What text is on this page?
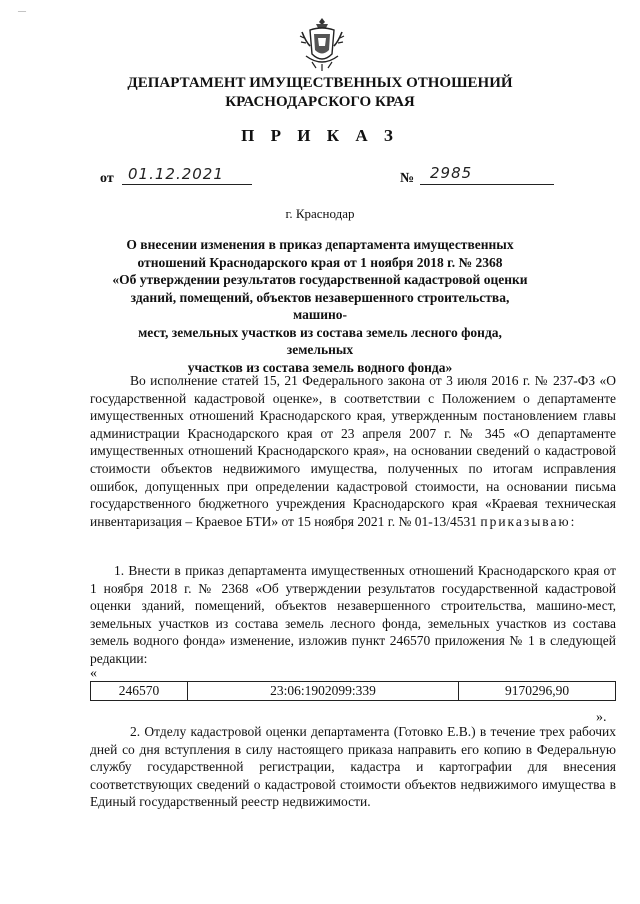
—
ДЕПАРТАМЕНТ ИМУЩЕСТВЕННЫХ ОТНОШЕНИЙ
КРАСНОДАРСКОГО КРАЯ
П Р И К А З
от 01.12.2021	№ 2985
г. Краснодар
О внесении изменения в приказ департамента имущественных
отношений Краснодарского края от 1 ноября 2018 г. № 2368
«Об утверждении результатов государственной кадастровой оценки
зданий, помещений, объектов незавершенного строительства, машино-
мест, земельных участков из состава земель лесного фонда, земельных
участков из состава земель водного фонда»
Во исполнение статей 15, 21 Федерального закона от 3 июля 2016 г. № 237-ФЗ «О государственной кадастровой оценке», в соответствии с Положением о департаменте имущественных отношений Краснодарского края, утвержденным постановлением главы администрации Краснодарского края от 23 апреля 2007 г. № 345 «О департаменте имущественных отношений Краснодарского края», на основании сведений о кадастровой стоимости объектов недвижимого имущества, полученных по итогам исправления ошибок, допущенных при определении кадастровой стоимости, на основании письма государственного бюджетного учреждения Краснодарского края «Краевая техническая инвентаризация – Краевое БТИ» от 15 ноября 2021 г. № 01-13/4531 приказываю:
1. Внести в приказ департамента имущественных отношений Краснодарского края от 1 ноября 2018 г. № 2368 «Об утверждении результатов государственной кадастровой оценки зданий, помещений, объектов незавершенного строительства, машино-мест, земельных участков из состава земель лесного фонда, земельных участков из состава земель водного фонда» изменение, изложив пункт 246570 приложения № 1 в следующей редакции:
«
246570	23:06:1902099:339	9170296,90
».
2. Отделу кадастровой оценки департамента (Готовко Е.В.) в течение трех рабочих дней со дня вступления в силу настоящего приказа направить его копию в Федеральную службу государственной регистрации, кадастра и картографии для внесения соответствующих сведений о кадастровой стоимости объектов недвижимого имущества в Единый государственный реестр недвижимости.
